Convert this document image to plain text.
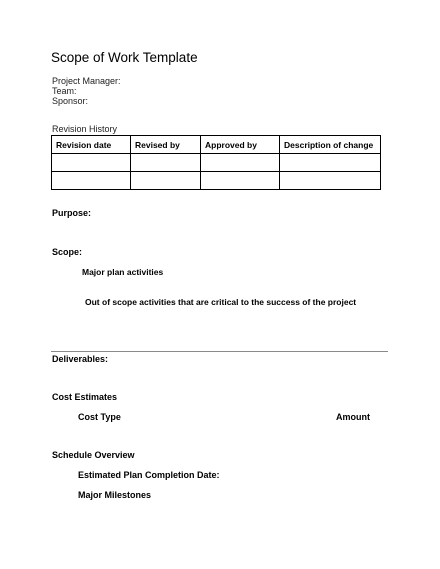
Scope of Work Template
Project Manager:
Team:
Sponsor:
Revision History
Revision date	Revised by	Approved by	Description of change

Purpose:
Scope:
Major plan activities
Out of scope activities that are critical to the success of the project
Deliverables:
Cost Estimates
Cost Type	Amount
Schedule Overview
Estimated Plan Completion Date:
Major Milestones
